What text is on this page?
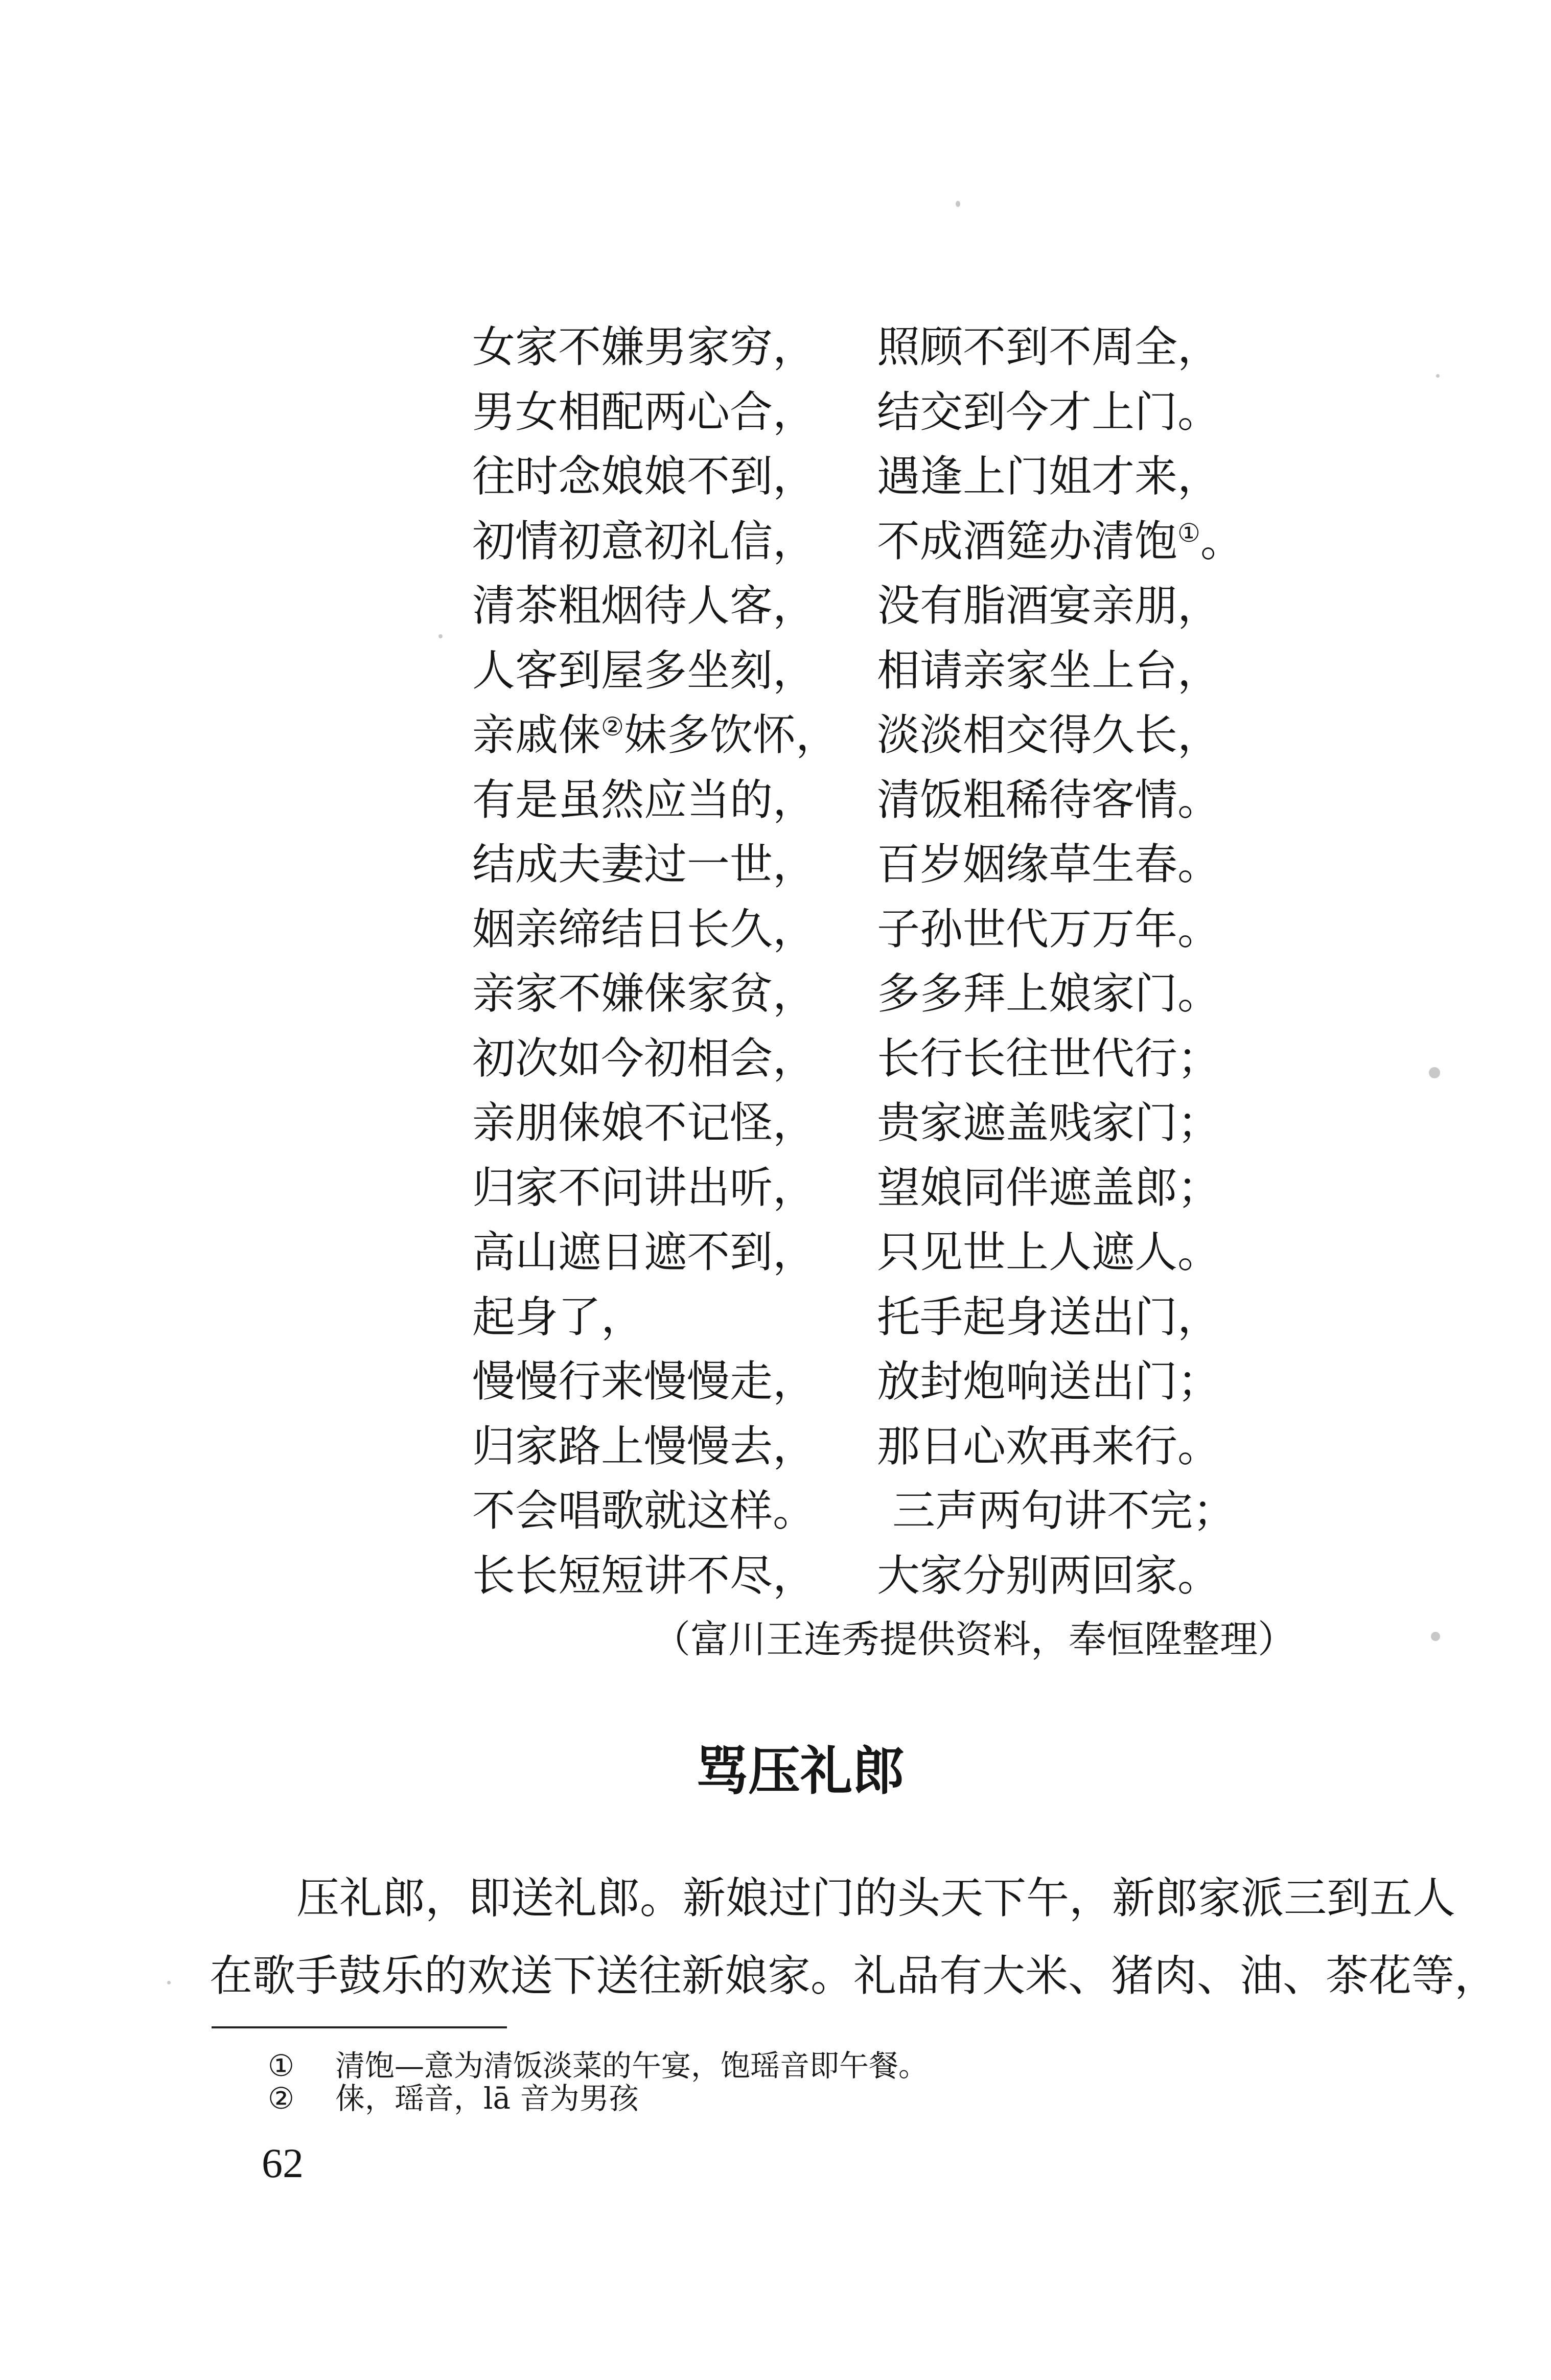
女家不嫌男家穷， 照顾不到不周全，
男女相配两心合， 结交到今才上门。
往时念娘娘不到， 遇逢上门姐才来，
初情初意初礼信， 不成酒筵办清饱①。
清茶粗烟待人客， 没有脂酒宴亲朋，
人客到屋多坐刻， 相请亲家坐上台，
亲戚俫②妹多饮怀， 淡淡相交得久长，
有是虽然应当的， 清饭粗稀待客情。
结成夫妻过一世， 百岁姻缘草生春。
姻亲缔结日长久， 子孙世代万万年。
亲家不嫌俫家贫， 多多拜上娘家门。
初次如今初相会， 长行长往世代行；
亲朋俫娘不记怪， 贵家遮盖贱家门；
归家不问讲出听， 望娘同伴遮盖郎；
高山遮日遮不到， 只见世上人遮人。
起身了，	托手起身送出门，
慢慢行来慢慢走， 放封炮响送出门；
归家路上慢慢去， 那日心欢再来行。
不会唱歌就这样。 三声两句讲不完；
长长短短讲不尽， 大家分别两回家。
（富川王连秀提供资料，奉恒陞整理）
骂压礼郎
压礼郎，即送礼郎。新娘过门的头天下午，新郎家派三到五人
在歌手鼓乐的欢送下送往新娘家。礼品有大米、猪肉、油、茶花等，
① 清饱—意为清饭淡菜的午宴，饱瑶音即午餐。
② 俫，瑶音，lā 音为男孩
62
